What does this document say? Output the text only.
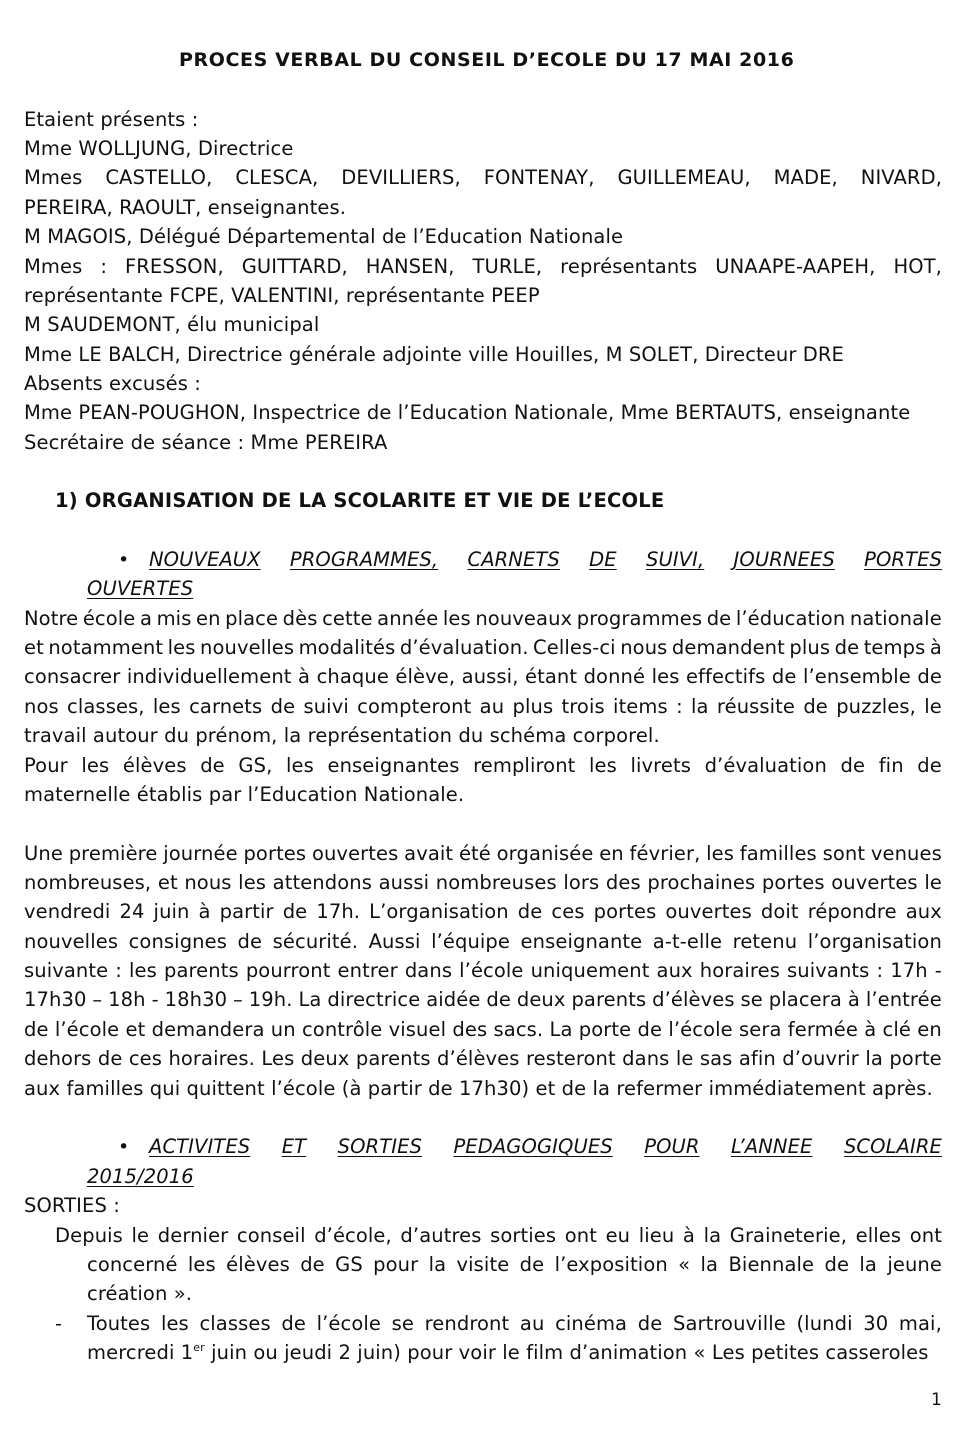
PROCES VERBAL DU CONSEIL D’ECOLE DU 17 MAI 2016

Etaient présents :

Mme WOLLJUNG, Directrice

Mmes CASTELLO, CLESCA, DEVILLIERS, FONTENAY, GUILLEMEAU, MADE, NIVARD,

PEREIRA, RAOULT, enseignantes.

M MAGOIS, Délégué Départemental de l’Education Nationale

Mmes : FRESSON, GUITTARD, HANSEN, TURLE, représentants UNAAPE-AAPEH, HOT,

représentante FCPE, VALENTINI, représentante PEEP

M SAUDEMONT, élu municipal

Mme LE BALCH, Directrice générale adjointe ville Houilles, M SOLET, Directeur DRE

Absents excusés :

Mme PEAN-POUGHON, Inspectrice de l’Education Nationale, Mme BERTAUTS, enseignante

Secrétaire de séance : Mme PEREIRA

1) ORGANISATION DE LA SCOLARITE ET VIE DE L’ECOLE

• NOUVEAUX PROGRAMMES, CARNETS DE SUIVI, JOURNEES PORTES

OUVERTES

Notre école a mis en place dès cette année les nouveaux programmes de l’éducation nationale

et notamment les nouvelles modalités d’évaluation. Celles-ci nous demandent plus de temps à

consacrer individuellement à chaque élève, aussi, étant donné les effectifs de l’ensemble de

nos classes, les carnets de suivi compteront au plus trois items : la réussite de puzzles, le

travail autour du prénom, la représentation du schéma corporel.

Pour les élèves de GS, les enseignantes rempliront les livrets d’évaluation de fin de

maternelle établis par l’Education Nationale.

Une première journée portes ouvertes avait été organisée en février, les familles sont venues

nombreuses, et nous les attendons aussi nombreuses lors des prochaines portes ouvertes le

vendredi 24 juin à partir de 17h. L’organisation de ces portes ouvertes doit répondre aux

nouvelles consignes de sécurité. Aussi l’équipe enseignante a-t-elle retenu l’organisation

suivante : les parents pourront entrer dans l’école uniquement aux horaires suivants : 17h -

17h30 – 18h - 18h30 – 19h. La directrice aidée de deux parents d’élèves se placera à l’entrée

de l’école et demandera un contrôle visuel des sacs. La porte de l’école sera fermée à clé en

dehors de ces horaires. Les deux parents d’élèves resteront dans le sas afin d’ouvrir la porte

aux familles qui quittent l’école (à partir de 17h30) et de la refermer immédiatement après.

• ACTIVITES ET SORTIES PEDAGOGIQUES POUR L’ANNEE SCOLAIRE

2015/2016

SORTIES :

Depuis le dernier conseil d’école, d’autres sorties ont eu lieu à la Graineterie, elles ont

concerné les élèves de GS pour la visite de l’exposition « la Biennale de la jeune

création ».

- Toutes les classes de l’école se rendront au cinéma de Sartrouville (lundi 30 mai,

mercredi 1er juin ou jeudi 2 juin) pour voir le film d’animation « Les petites casseroles

1
